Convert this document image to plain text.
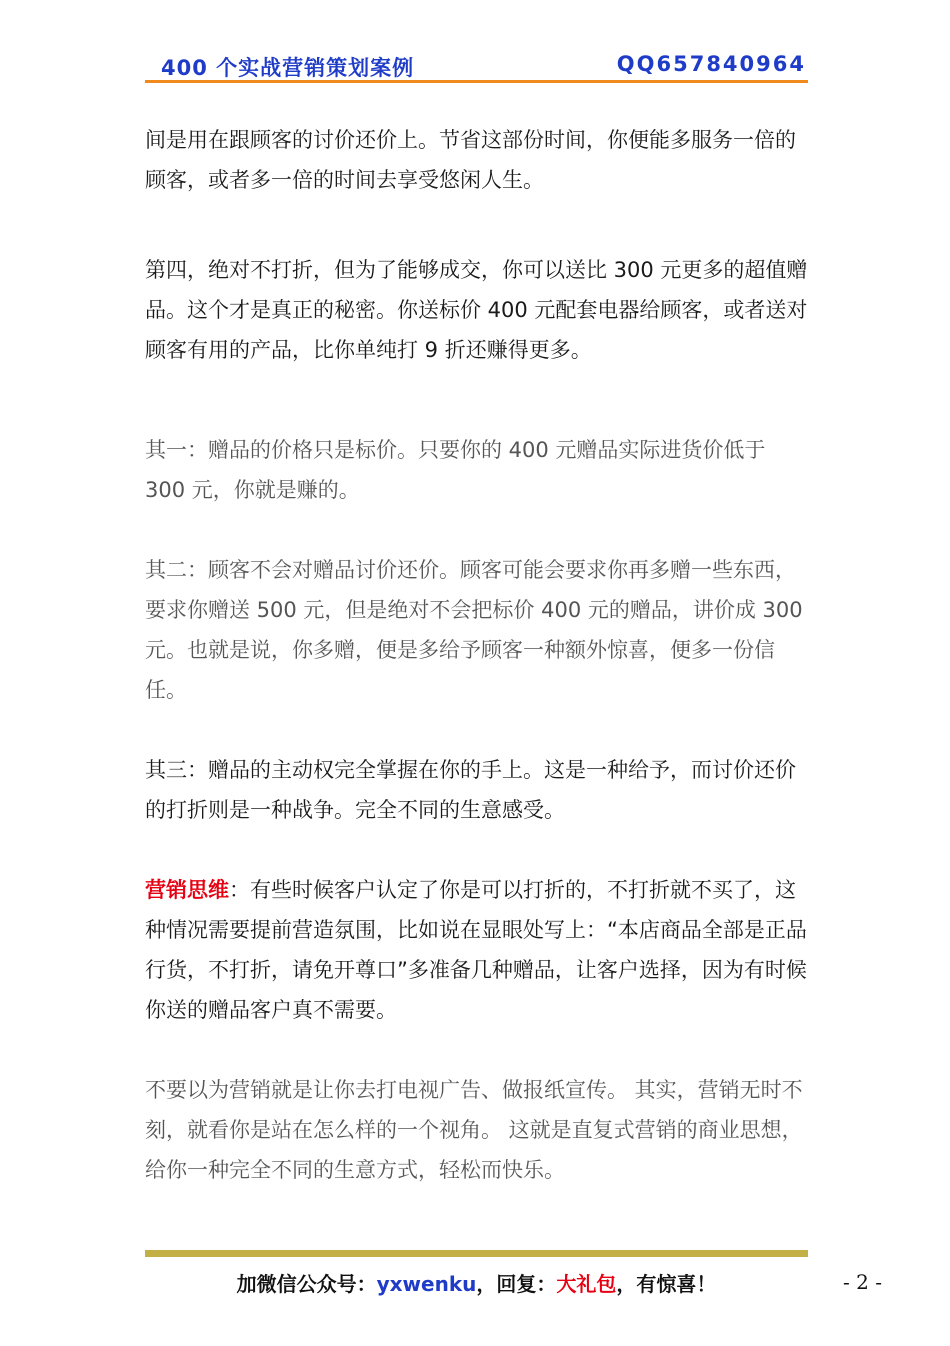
400 个实战营销策划案例	QQ657840964

间是用在跟顾客的讨价还价上。节省这部份时间，你便能多服务一倍的顾客，或者多一倍的时间去享受悠闲人生。

第四，绝对不打折，但为了能够成交，你可以送比 300 元更多的超值赠品。这个才是真正的秘密。你送标价 400 元配套电器给顾客，或者送对顾客有用的产品，比你单纯打 9 折还赚得更多。

其一：赠品的价格只是标价。只要你的 400 元赠品实际进货价低于 300 元，你就是赚的。

其二：顾客不会对赠品讨价还价。顾客可能会要求你再多赠一些东西，要求你赠送 500 元，但是绝对不会把标价 400 元的赠品，讲价成 300 元。也就是说，你多赠，便是多给予顾客一种额外惊喜，便多一份信任。

其三：赠品的主动权完全掌握在你的手上。这是一种给予，而讨价还价的打折则是一种战争。完全不同的生意感受。

营销思维：有些时候客户认定了你是可以打折的，不打折就不买了，这种情况需要提前营造氛围，比如说在显眼处写上：“本店商品全部是正品行货，不打折，请免开尊口”多准备几种赠品，让客户选择，因为有时候你送的赠品客户真不需要。

不要以为营销就是让你去打电视广告、做报纸宣传。 其实，营销无时不刻，就看你是站在怎么样的一个视角。 这就是直复式营销的商业思想，给你一种完全不同的生意方式，轻松而快乐。

加微信公众号：yxwenku，回复：大礼包，有惊喜！	- 2 -
